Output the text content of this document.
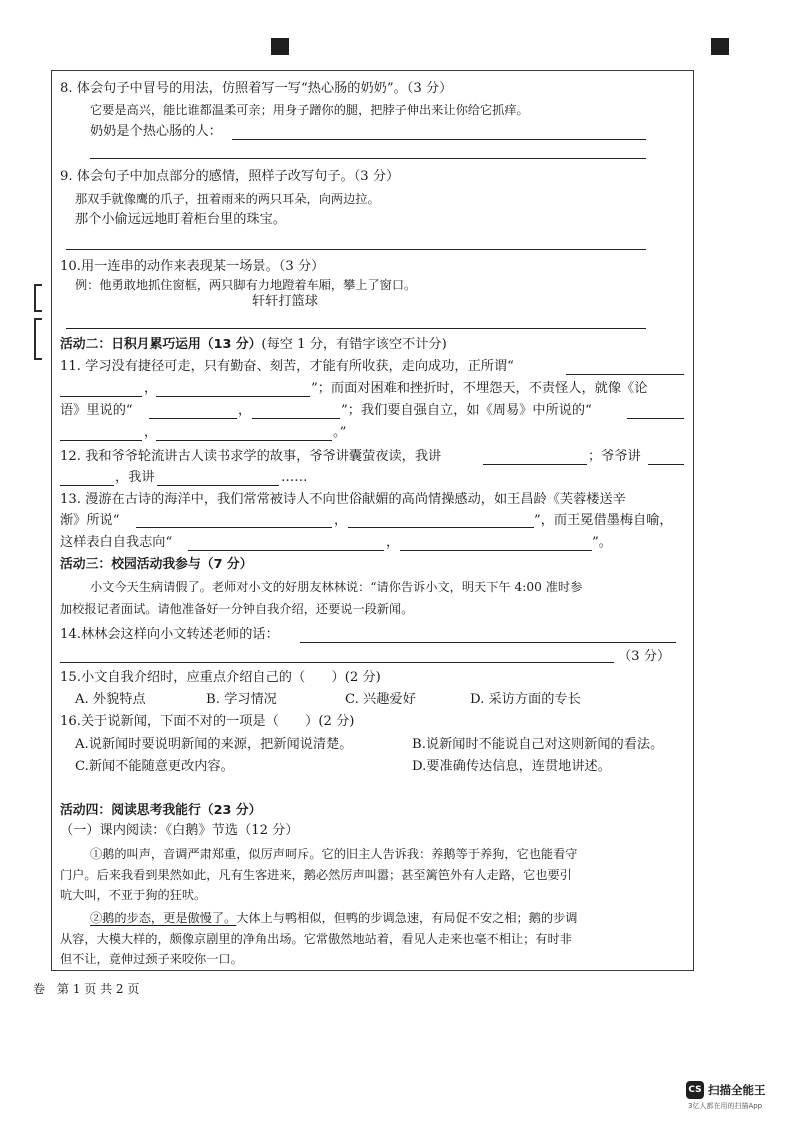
8. 体会句子中冒号的用法，仿照着写一写“热心肠的奶奶”。（3 分）
它要是高兴，能比谁都温柔可亲；用身子蹭你的腿，把脖子伸出来让你给它抓痒。
奶奶是个热心肠的人：
9. 体会句子中加点部分的感情，照样子改写句子。（3 分）
那双手就像鹰的爪子，扭着雨来的两只耳朵，向两边拉。
那个小偷远远地盯着柜台里的珠宝。
10.用一连串的动作来表现某一场景。（3 分）
例：他勇敢地抓住窗框，两只脚有力地蹬着车厢，攀上了窗口。
轩轩打篮球
活动二：日积月累巧运用（13 分）(每空 1 分，有错字该空不计分)
11. 学习没有捷径可走，只有勤奋、刻苦，才能有所收获，走向成功，正所谓“
，	”；而面对困难和挫折时，不埋怨天，不责怪人，就像《论
语》里说的“	，	”；我们要自强自立，如《周易》中所说的“
，	。”
12. 我和爷爷轮流讲古人读书求学的故事，爷爷讲囊萤夜读，我讲	；爷爷讲
，我讲	……
13. 漫游在古诗的海洋中，我们常常被诗人不向世俗献媚的高尚情操感动，如王昌龄《芙蓉楼送辛
渐》所说“	，	”，而王冕借墨梅自喻，
这样表白自我志向“	，	”。
活动三：校园活动我参与（7 分）
小文今天生病请假了。老师对小文的好朋友林林说：“请你告诉小文，明天下午 4:00 准时参
加校报记者面试。请他准备好一分钟自我介绍，还要说一段新闻。
14.林林会这样向小文转述老师的话：
（3 分）
15.小文自我介绍时，应重点介绍自己的（　　）(2 分)
A. 外貌特点	B. 学习情况	C. 兴趣爱好	D. 采访方面的专长
16.关于说新闻，下面不对的一项是（　　）(2 分)
A.说新闻时要说明新闻的来源，把新闻说清楚。	B.说新闻时不能说自己对这则新闻的看法。
C.新闻不能随意更改内容。	D.要准确传达信息，连贯地讲述。
活动四：阅读思考我能行（23 分）
（一）课内阅读：《白鹅》节选（12 分）
①鹅的叫声，音调严肃郑重，似厉声呵斥。它的旧主人告诉我：养鹅等于养狗，它也能看守
门户。后来我看到果然如此，凡有生客进来，鹅必然厉声叫嚣；甚至篱笆外有人走路，它也要引
吭大叫，不亚于狗的狂吠。
②鹅的步态，更是傲慢了。大体上与鸭相似，但鸭的步调急速，有局促不安之相；鹅的步调
从容，大模大样的，颇像京剧里的净角出场。它常傲然地站着，看见人走来也毫不相让；有时非
但不让，竟伸过颈子来咬你一口。
卷　第 1 页 共 2 页
CS 扫描全能王
3亿人都在用的扫描App
